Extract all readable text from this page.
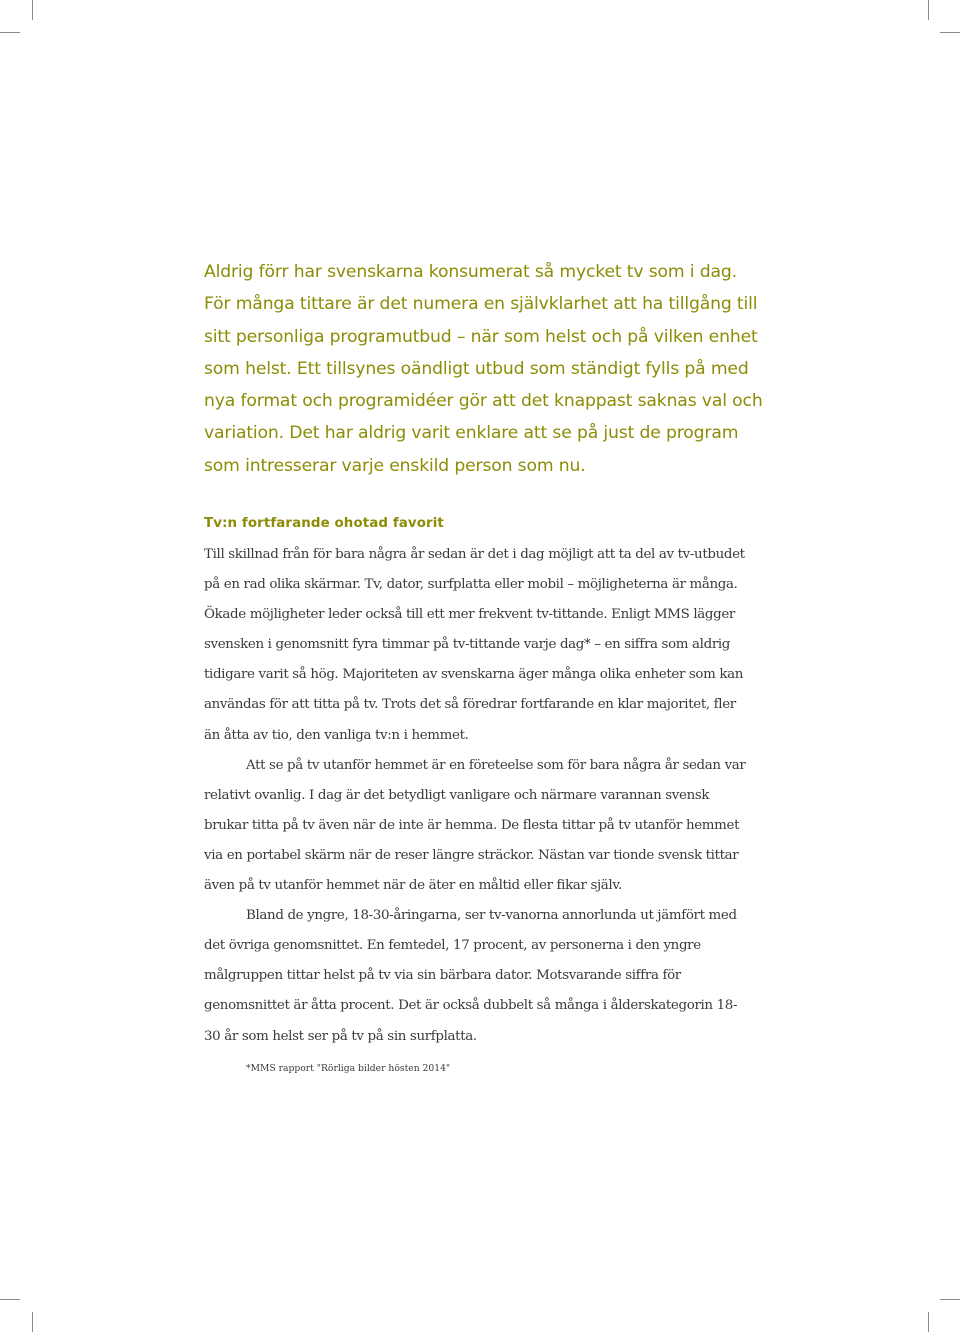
Aldrig förr har svenskarna konsumerat så mycket tv som i dag. För många tittare är det numera en självklarhet att ha tillgång till sitt personliga programutbud – när som helst och på vilken enhet som helst. Ett tillsynes oändligt utbud som ständigt fylls på med nya format och programidéer gör att det knappast saknas val och variation. Det har aldrig varit enklare att se på just de program som intresserar varje enskild person som nu.

Tv:n fortfarande ohotad favorit

Till skillnad från för bara några år sedan är det i dag möjligt att ta del av tv-utbudet på en rad olika skärmar. Tv, dator, surfplatta eller mobil – möjligheterna är många. Ökade möjligheter leder också till ett mer frekvent tv-tittande. Enligt MMS lägger svensken i genomsnitt fyra timmar på tv-tittande varje dag* – en siffra som aldrig tidigare varit så hög. Majoriteten av svenskarna äger många olika enheter som kan användas för att titta på tv. Trots det så föredrar fortfarande en klar majoritet, fler än åtta av tio, den vanliga tv:n i hemmet.

Att se på tv utanför hemmet är en företeelse som för bara några år sedan var relativt ovanlig. I dag är det betydligt vanligare och närmare varannan svensk brukar titta på tv även när de inte är hemma. De flesta tittar på tv utanför hemmet via en portabel skärm när de reser längre sträckor. Nästan var tionde svensk tittar även på tv utanför hemmet när de äter en måltid eller fikar själv.

Bland de yngre, 18-30-åringarna, ser tv-vanorna annorlunda ut jämfört med det övriga genomsnittet. En femtedel, 17 procent, av personerna i den yngre målgruppen tittar helst på tv via sin bärbara dator. Motsvarande siffra för genomsnittet är åtta procent. Det är också dubbelt så många i ålderskategorin 18-30 år som helst ser på tv på sin surfplatta.

*MMS rapport "Rörliga bilder hösten 2014"
